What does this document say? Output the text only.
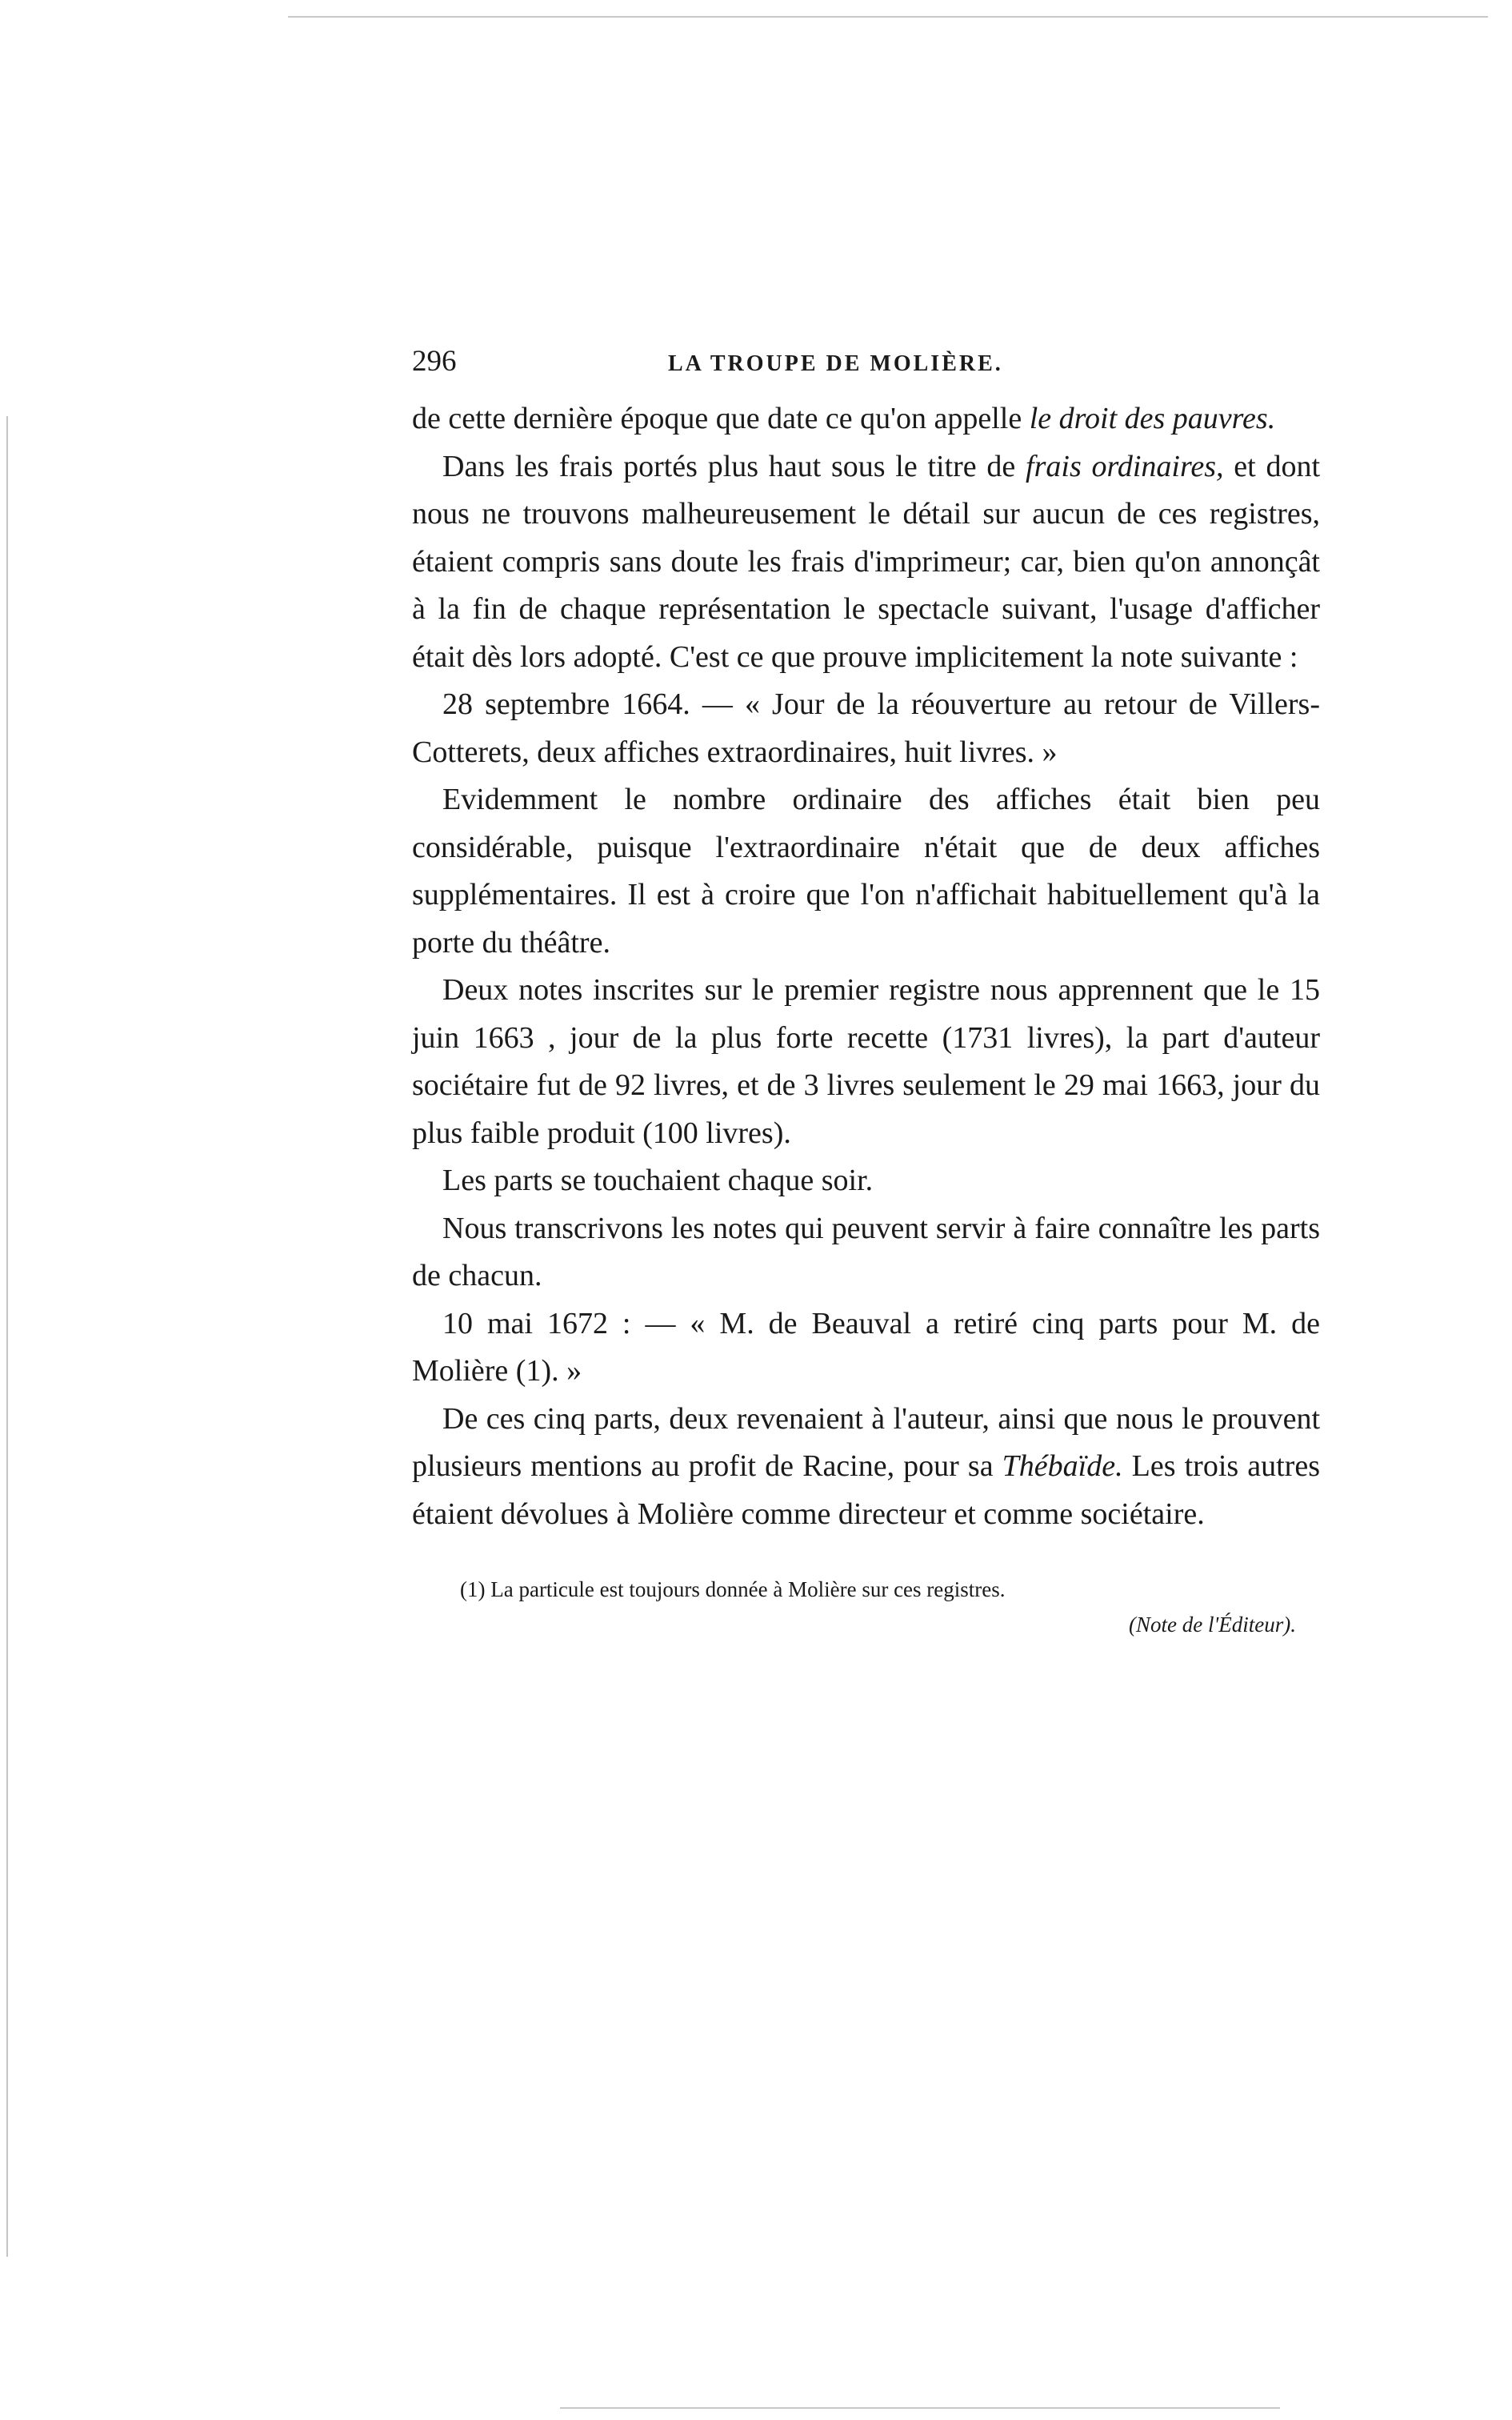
296	LA TROUPE DE MOLIÈRE.

de cette dernière époque que date ce qu'on appelle le droit des pauvres.

Dans les frais portés plus haut sous le titre de frais ordinaires, et dont nous ne trouvons malheureusement le détail sur aucun de ces registres, étaient compris sans doute les frais d'imprimeur; car, bien qu'on annonçât à la fin de chaque représentation le spectacle suivant, l'usage d'afficher était dès lors adopté. C'est ce que prouve implicitement la note suivante :

28 septembre 1664. — « Jour de la réouverture au retour de Villers-Cotterets, deux affiches extraordinaires, huit livres. »

Evidemment le nombre ordinaire des affiches était bien peu considérable, puisque l'extraordinaire n'était que de deux affiches supplémentaires. Il est à croire que l'on n'affichait habituellement qu'à la porte du théâtre.

Deux notes inscrites sur le premier registre nous apprennent que le 15 juin 1663 , jour de la plus forte recette (1731 livres), la part d'auteur sociétaire fut de 92 livres, et de 3 livres seulement le 29 mai 1663, jour du plus faible produit (100 livres).

Les parts se touchaient chaque soir.

Nous transcrivons les notes qui peuvent servir à faire connaître les parts de chacun.

10 mai 1672 : — « M. de Beauval a retiré cinq parts pour M. de Molière (1). »

De ces cinq parts, deux revenaient à l'auteur, ainsi que nous le prouvent plusieurs mentions au profit de Racine, pour sa Thébaïde. Les trois autres étaient dévolues à Molière comme directeur et comme sociétaire.

(1) La particule est toujours donnée à Molière sur ces registres.

(Note de l'Éditeur).
